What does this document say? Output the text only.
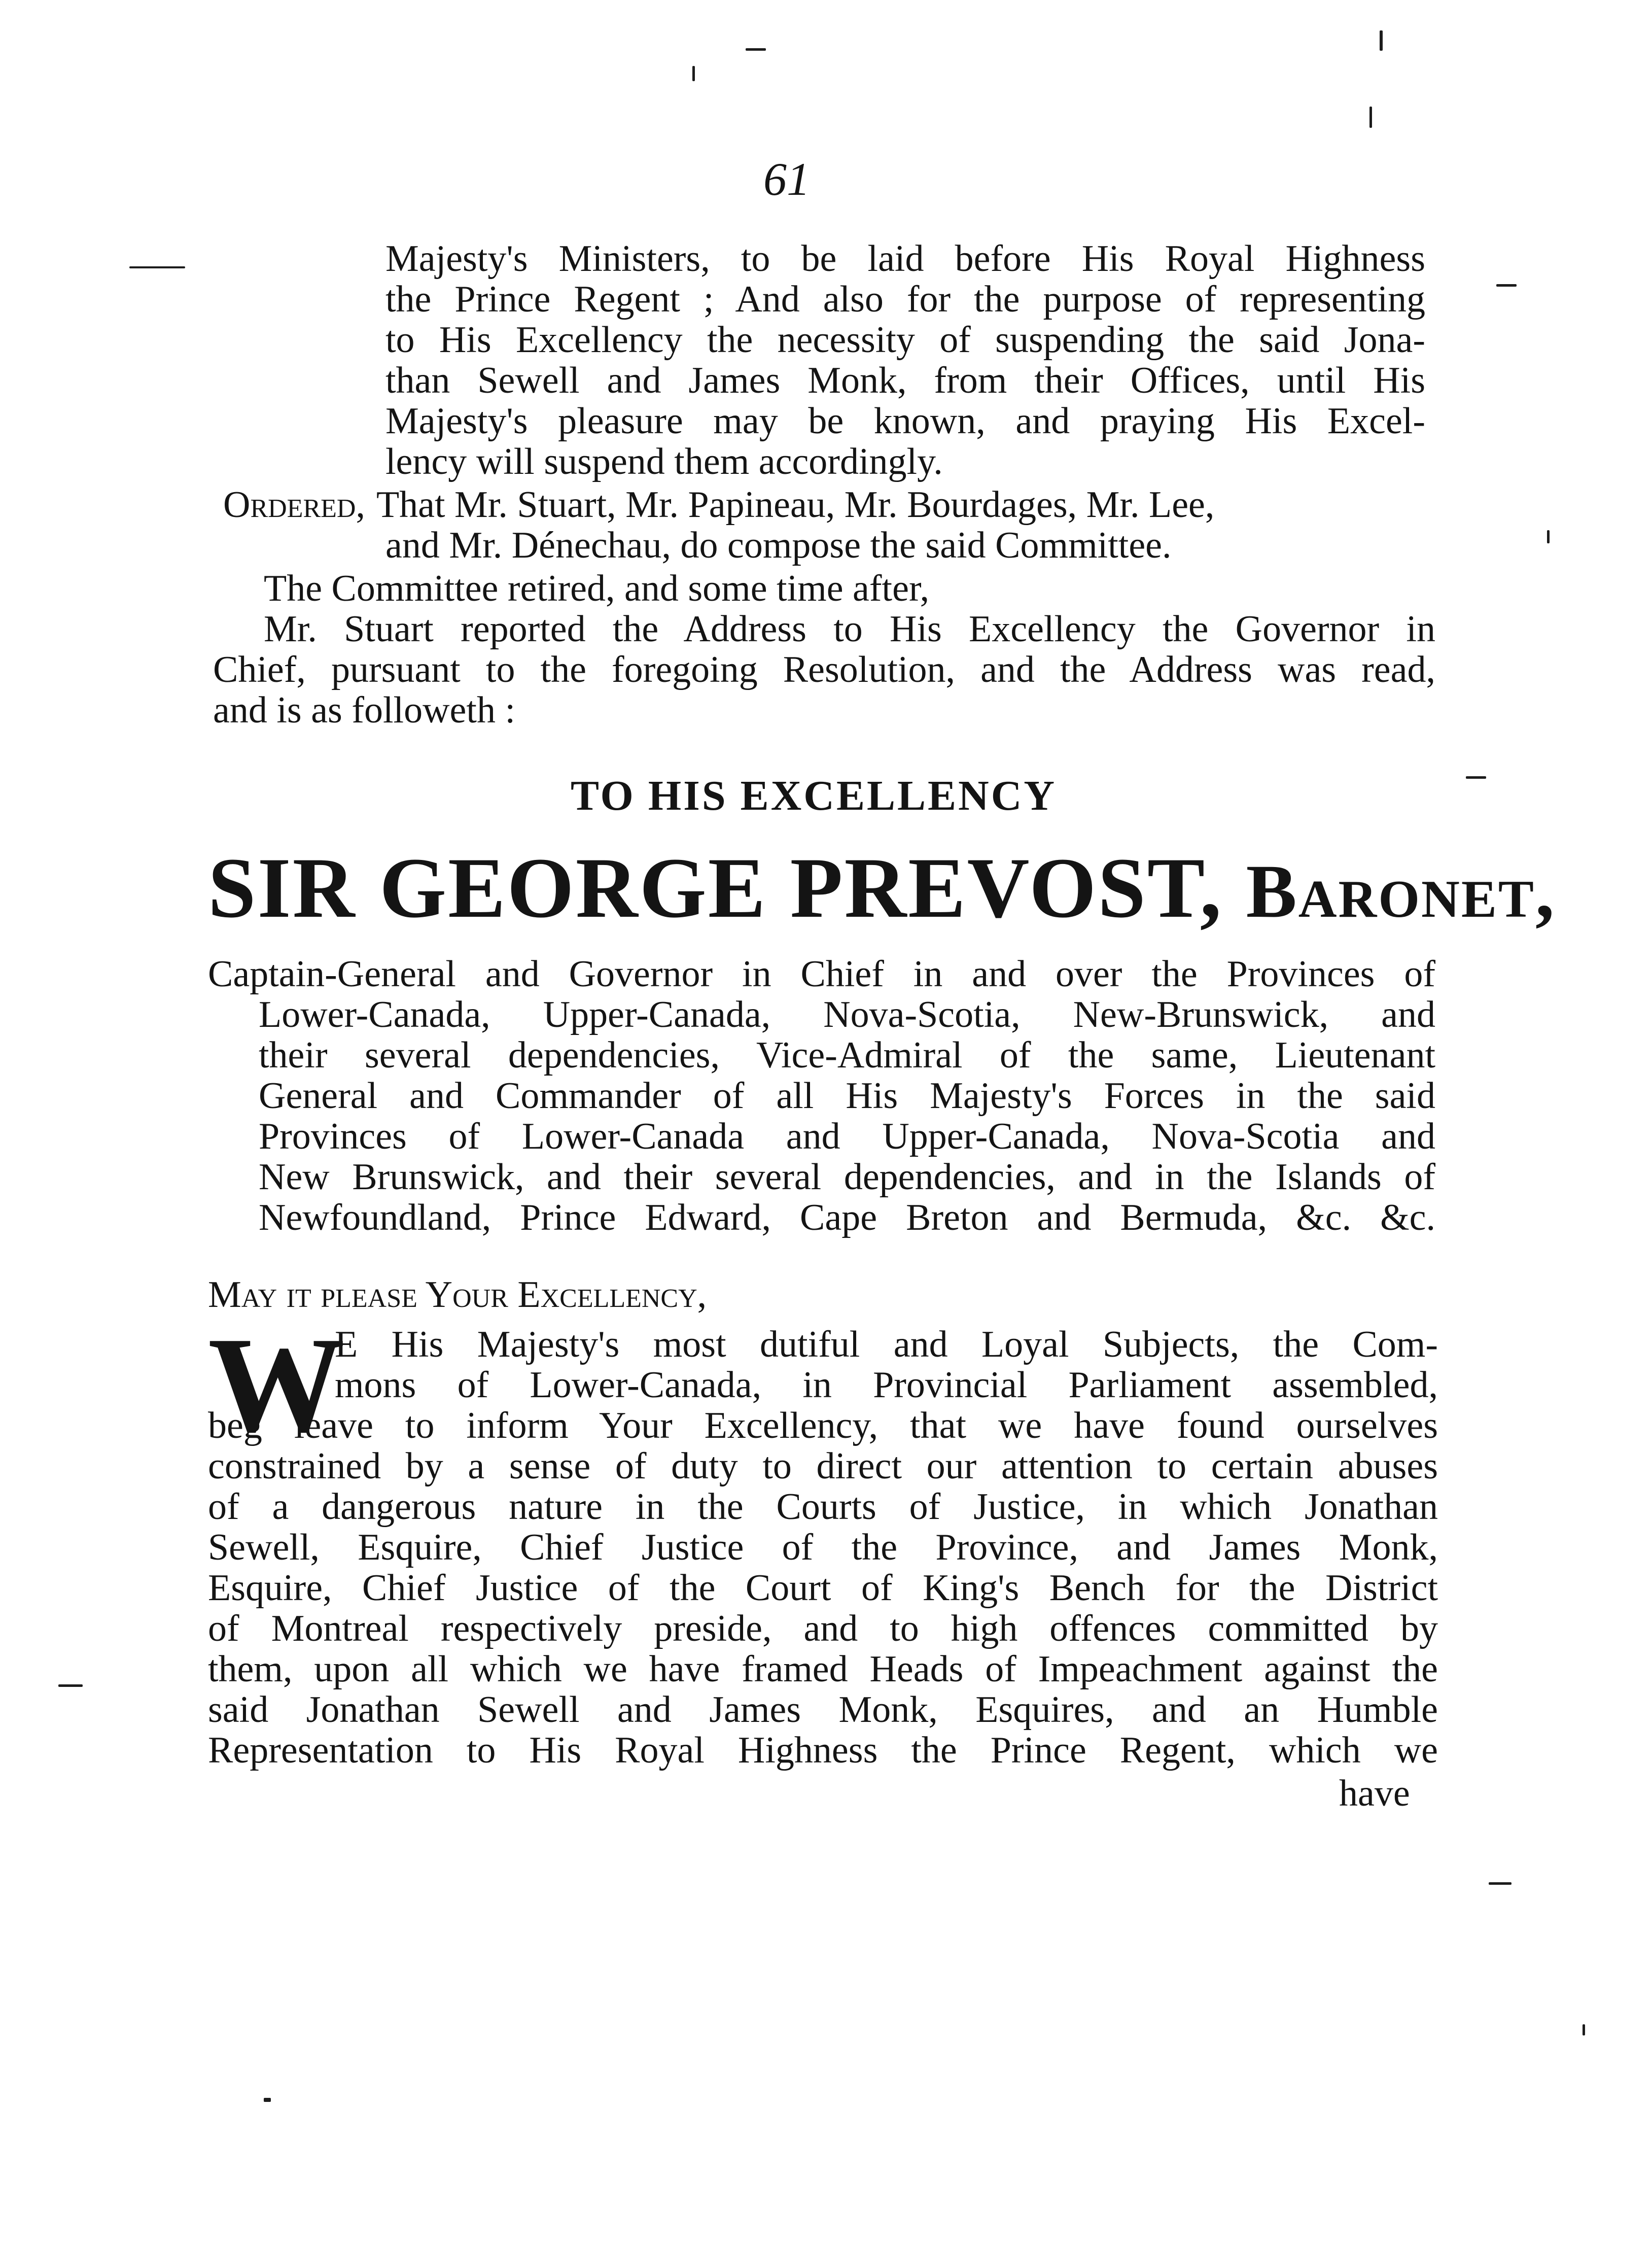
61
Majesty's Ministers, to be laid before His Royal Highness
the Prince Regent ; And also for the purpose of representing
to His Excellency the necessity of suspending the said Jona-
than Sewell and James Monk, from their Offices, until His
Majesty's pleasure may be known, and praying His Excel-
lency will suspend them accordingly.
Ordered, That Mr. Stuart, Mr. Papineau, Mr. Bourdages, Mr. Lee,
and Mr. Dénechau, do compose the said Committee.
The Committee retired, and some time after,
Mr. Stuart reported the Address to His Excellency the Governor in
Chief, pursuant to the foregoing Resolution, and the Address was read,
and is as followeth :
TO HIS EXCELLENCY
SIR GEORGE PREVOST, Baronet,
Captain-General and Governor in Chief in and over the Provinces of
Lower-Canada, Upper-Canada, Nova-Scotia, New-Brunswick, and
their several dependencies, Vice-Admiral of the same, Lieutenant
General and Commander of all His Majesty's Forces in the said
Provinces of Lower-Canada and Upper-Canada, Nova-Scotia and
New Brunswick, and their several dependencies, and in the Islands of
Newfoundland, Prince Edward, Cape Breton and Bermuda, &c. &c.
May it please Your Excellency,
W
E His Majesty's most dutiful and Loyal Subjects, the Com-
mons of Lower-Canada, in Provincial Parliament assembled,
beg leave to inform Your Excellency, that we have found ourselves
constrained by a sense of duty to direct our attention to certain abuses
of a dangerous nature in the Courts of Justice, in which Jonathan
Sewell, Esquire, Chief Justice of the Province, and James Monk,
Esquire, Chief Justice of the Court of King's Bench for the District
of Montreal respectively preside, and to high offences committed by
them, upon all which we have framed Heads of Impeachment against the
said Jonathan Sewell and James Monk, Esquires, and an Humble
Representation to His Royal Highness the Prince Regent, which we
have
